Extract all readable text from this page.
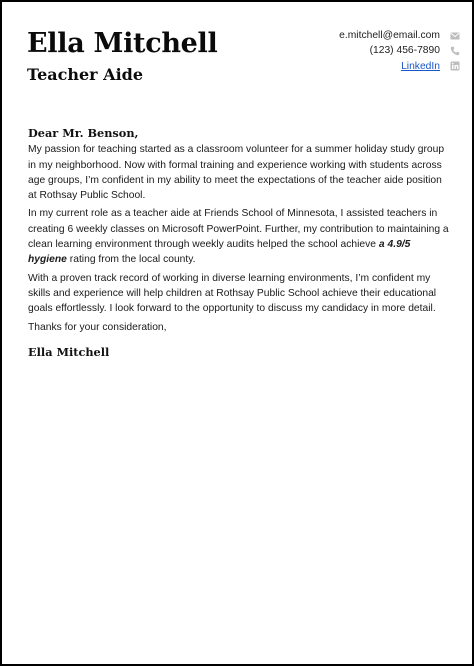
Ella Mitchell
Teacher Aide
e.mitchell@email.com
(123) 456-7890
LinkedIn
Dear Mr. Benson,

My passion for teaching started as a classroom volunteer for a summer holiday study group in my neighborhood. Now with formal training and experience working with students across age groups, I’m confident in my ability to meet the expectations of the teacher aide position at Rothsay Public School.

In my current role as a teacher aide at Friends School of Minnesota, I assisted teachers in creating 6 weekly classes on Microsoft PowerPoint. Further, my contribution to maintaining a clean learning environment through weekly audits helped the school achieve a 4.9/5 hygiene rating from the local county.

With a proven track record of working in diverse learning environments, I’m confident my skills and experience will help children at Rothsay Public School achieve their educational goals effortlessly. I look forward to the opportunity to discuss my candidacy in more detail.

Thanks for your consideration,

Ella Mitchell
